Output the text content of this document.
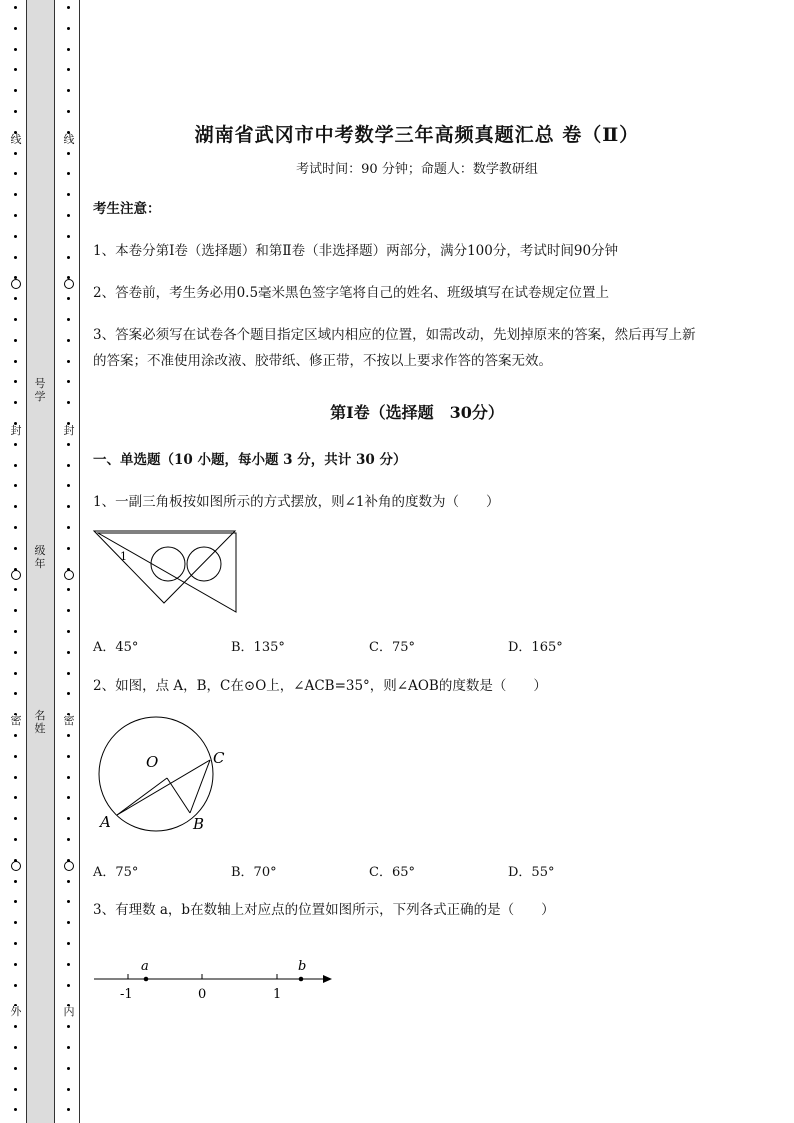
线
封
密
外
线
封
密
内
号学
级年
名姓
湖南省武冈市中考数学三年高频真题汇总 卷（Ⅱ）
考试时间：90 分钟；命题人：数学教研组
考生注意：
1、本卷分第Ⅰ卷（选择题）和第Ⅱ卷（非选择题）两部分，满分100分，考试时间90分钟
2、答卷前，考生务必用0.5毫米黑色签字笔将自己的姓名、班级填写在试卷规定位置上
3、答案必须写在试卷各个题目指定区域内相应的位置，如需改动，先划掉原来的答案，然后再写上新
的答案；不准使用涂改液、胶带纸、修正带，不按以上要求作答的答案无效。
第Ⅰ卷（选择题　30分）
一、单选题（10 小题，每小题 3 分，共计 30 分）
1、一副三角板按如图所示的方式摆放，则∠1补角的度数为（　　）
1
A．45°	B．135°	C．75°	D．165°
2、如图，点 A，B，C在⊙O上，∠ACB=35°，则∠AOB的度数是（　　）
O
A	B
C
A．75°	B．70°	C．65°	D．55°
3、有理数 a，b在数轴上对应点的位置如图所示，下列各式正确的是（　　）
a	b
-1	0	1
